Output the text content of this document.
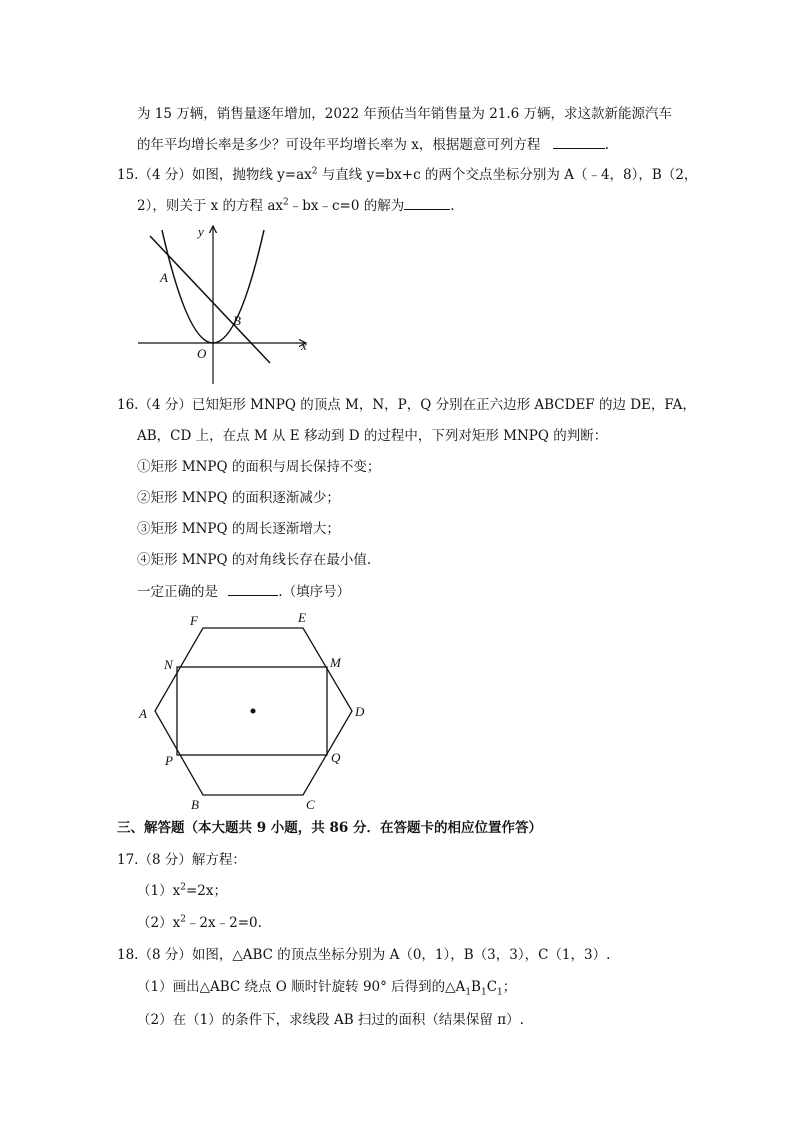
为 15 万辆，销售量逐年增加，2022 年预估当年销售量为 21.6 万辆，求这款新能源汽车
的年平均增长率是多少？可设年平均增长率为 x，根据题意可列方程	.
15.（4 分）如图，抛物线 $y=ax^2$ 与直线 y=bx+c 的两个交点坐标分别为 A（﹣4，8），B（2，
2），则关于 x 的方程 $ax^2﹣bx﹣c=0$ 的解为	.
y
x
O
A
B
16.（4 分）已知矩形 MNPQ 的顶点 M，N，P，Q 分别在正六边形 ABCDEF 的边 DE，FA，
AB，CD 上，在点 M 从 E 移动到 D 的过程中，下列对矩形 MNPQ 的判断：
①矩形 MNPQ 的面积与周长保持不变；
②矩形 MNPQ 的面积逐渐减少；
③矩形 MNPQ 的周长逐渐增大；
④矩形 MNPQ 的对角线长存在最小值.
一定正确的是	.（填序号）
F	E
N	M
A	D
P	Q
B	C
三、解答题（本大题共 9 小题，共 86 分．在答题卡的相应位置作答）
17.（8 分）解方程：
$(1)x^2=2x$；
$(2)x^2﹣2x﹣2=0$.
18.（8 分）如图，△ABC 的顶点坐标分别为 A（0，1），B（3，3），C（1，3）.
（1）画出△ABC 绕点 O 顺时针旋转 90° 后得到的$\triangle A_1B_1C_1$；
（2）在（1）的条件下，求线段 AB 扫过的面积（结果保留 π）.
